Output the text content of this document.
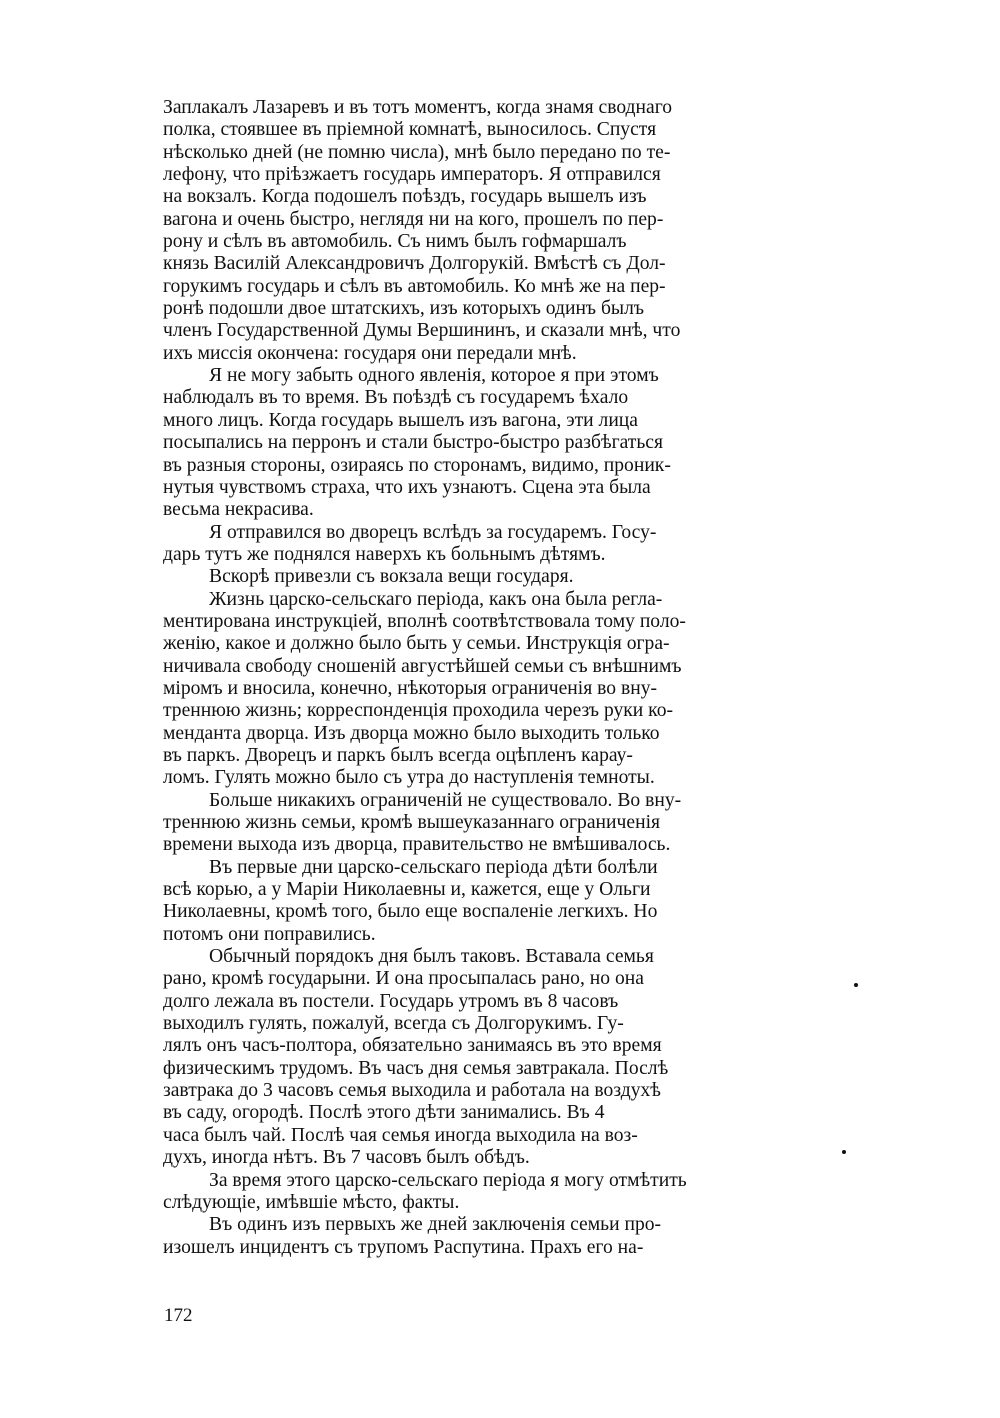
Заплакалъ Лазаревъ и въ тотъ моментъ, когда знамя своднаго
полка, стоявшее въ пріемной комнатѣ, выносилось. Спустя
нѣсколько дней (не помню числа), мнѣ было передано по те-
лефону, что пріѣзжаетъ государь императоръ. Я отправился
на вокзалъ. Когда подошелъ поѣздъ, государь вышелъ изъ
вагона и очень быстро, неглядя ни на кого, прошелъ по пер-
рону и сѣлъ въ автомобиль. Съ нимъ былъ гофмаршалъ
князь Василій Александровичъ Долгорукій. Вмѣстѣ съ Дол-
горукимъ государь и сѣлъ въ автомобиль. Ко мнѣ же на пер-
ронѣ подошли двое штатскихъ, изъ которыхъ одинъ былъ
членъ Государственной Думы Вершининъ, и сказали мнѣ, что
ихъ миссія окончена: государя они передали мнѣ.
Я не могу забыть одного явленія, которое я при этомъ
наблюдалъ въ то время. Въ поѣздѣ съ государемъ ѣхало
много лицъ. Когда государь вышелъ изъ вагона, эти лица
посыпались на перронъ и стали быстро-быстро разбѣгаться
въ разныя стороны, озираясь по сторонамъ, видимо, проник-
нутыя чувствомъ страха, что ихъ узнаютъ. Сцена эта была
весьма некрасива.
Я отправился во дворецъ вслѣдъ за государемъ. Госу-
дарь тутъ же поднялся наверхъ къ больнымъ дѣтямъ.
Вскорѣ привезли съ вокзала вещи государя.
Жизнь царско-сельскаго періода, какъ она была регла-
ментирована инструкціей, вполнѣ соотвѣтствовала тому поло-
женію, какое и должно было быть у семьи. Инструкція огра-
ничивала свободу сношеній августѣйшей семьи съ внѣшнимъ
міромъ и вносила, конечно, нѣкоторыя ограниченія во вну-
треннюю жизнь; корреспонденція проходила черезъ руки ко-
менданта дворца. Изъ дворца можно было выходить только
въ паркъ. Дворецъ и паркъ былъ всегда оцѣпленъ карау-
ломъ. Гулять можно было съ утра до наступленія темноты.
Больше никакихъ ограниченій не существовало. Во вну-
треннюю жизнь семьи, кромѣ вышеуказаннаго ограниченія
времени выхода изъ дворца, правительство не вмѣшивалось.
Въ первые дни царско-сельскаго періода дѣти болѣли
всѣ корью, а у Маріи Николаевны и, кажется, еще у Ольги
Николаевны, кромѣ того, было еще воспаленіе легкихъ. Но
потомъ они поправились.
Обычный порядокъ дня былъ таковъ. Вставала семья
рано, кромѣ государыни. И она просыпалась рано, но она
долго лежала въ постели. Государь утромъ въ 8 часовъ
выходилъ гулять, пожалуй, всегда съ Долгорукимъ. Гу-
лялъ онъ часъ-полтора, обязательно занимаясь въ это время
физическимъ трудомъ. Въ часъ дня семья завтракала. Послѣ
завтрака до 3 часовъ семья выходила и работала на воздухѣ
въ саду, огородѣ. Послѣ этого дѣти занимались. Въ 4
часа былъ чай. Послѣ чая семья иногда выходила на воз-
духъ, иногда нѣтъ. Въ 7 часовъ былъ обѣдъ.
За время этого царско-сельскаго періода я могу отмѣтить
слѣдующіе, имѣвшіе мѣсто, факты.
Въ одинъ изъ первыхъ же дней заключенія семьи про-
изошелъ инцидентъ съ трупомъ Распутина. Прахъ его на-
172
